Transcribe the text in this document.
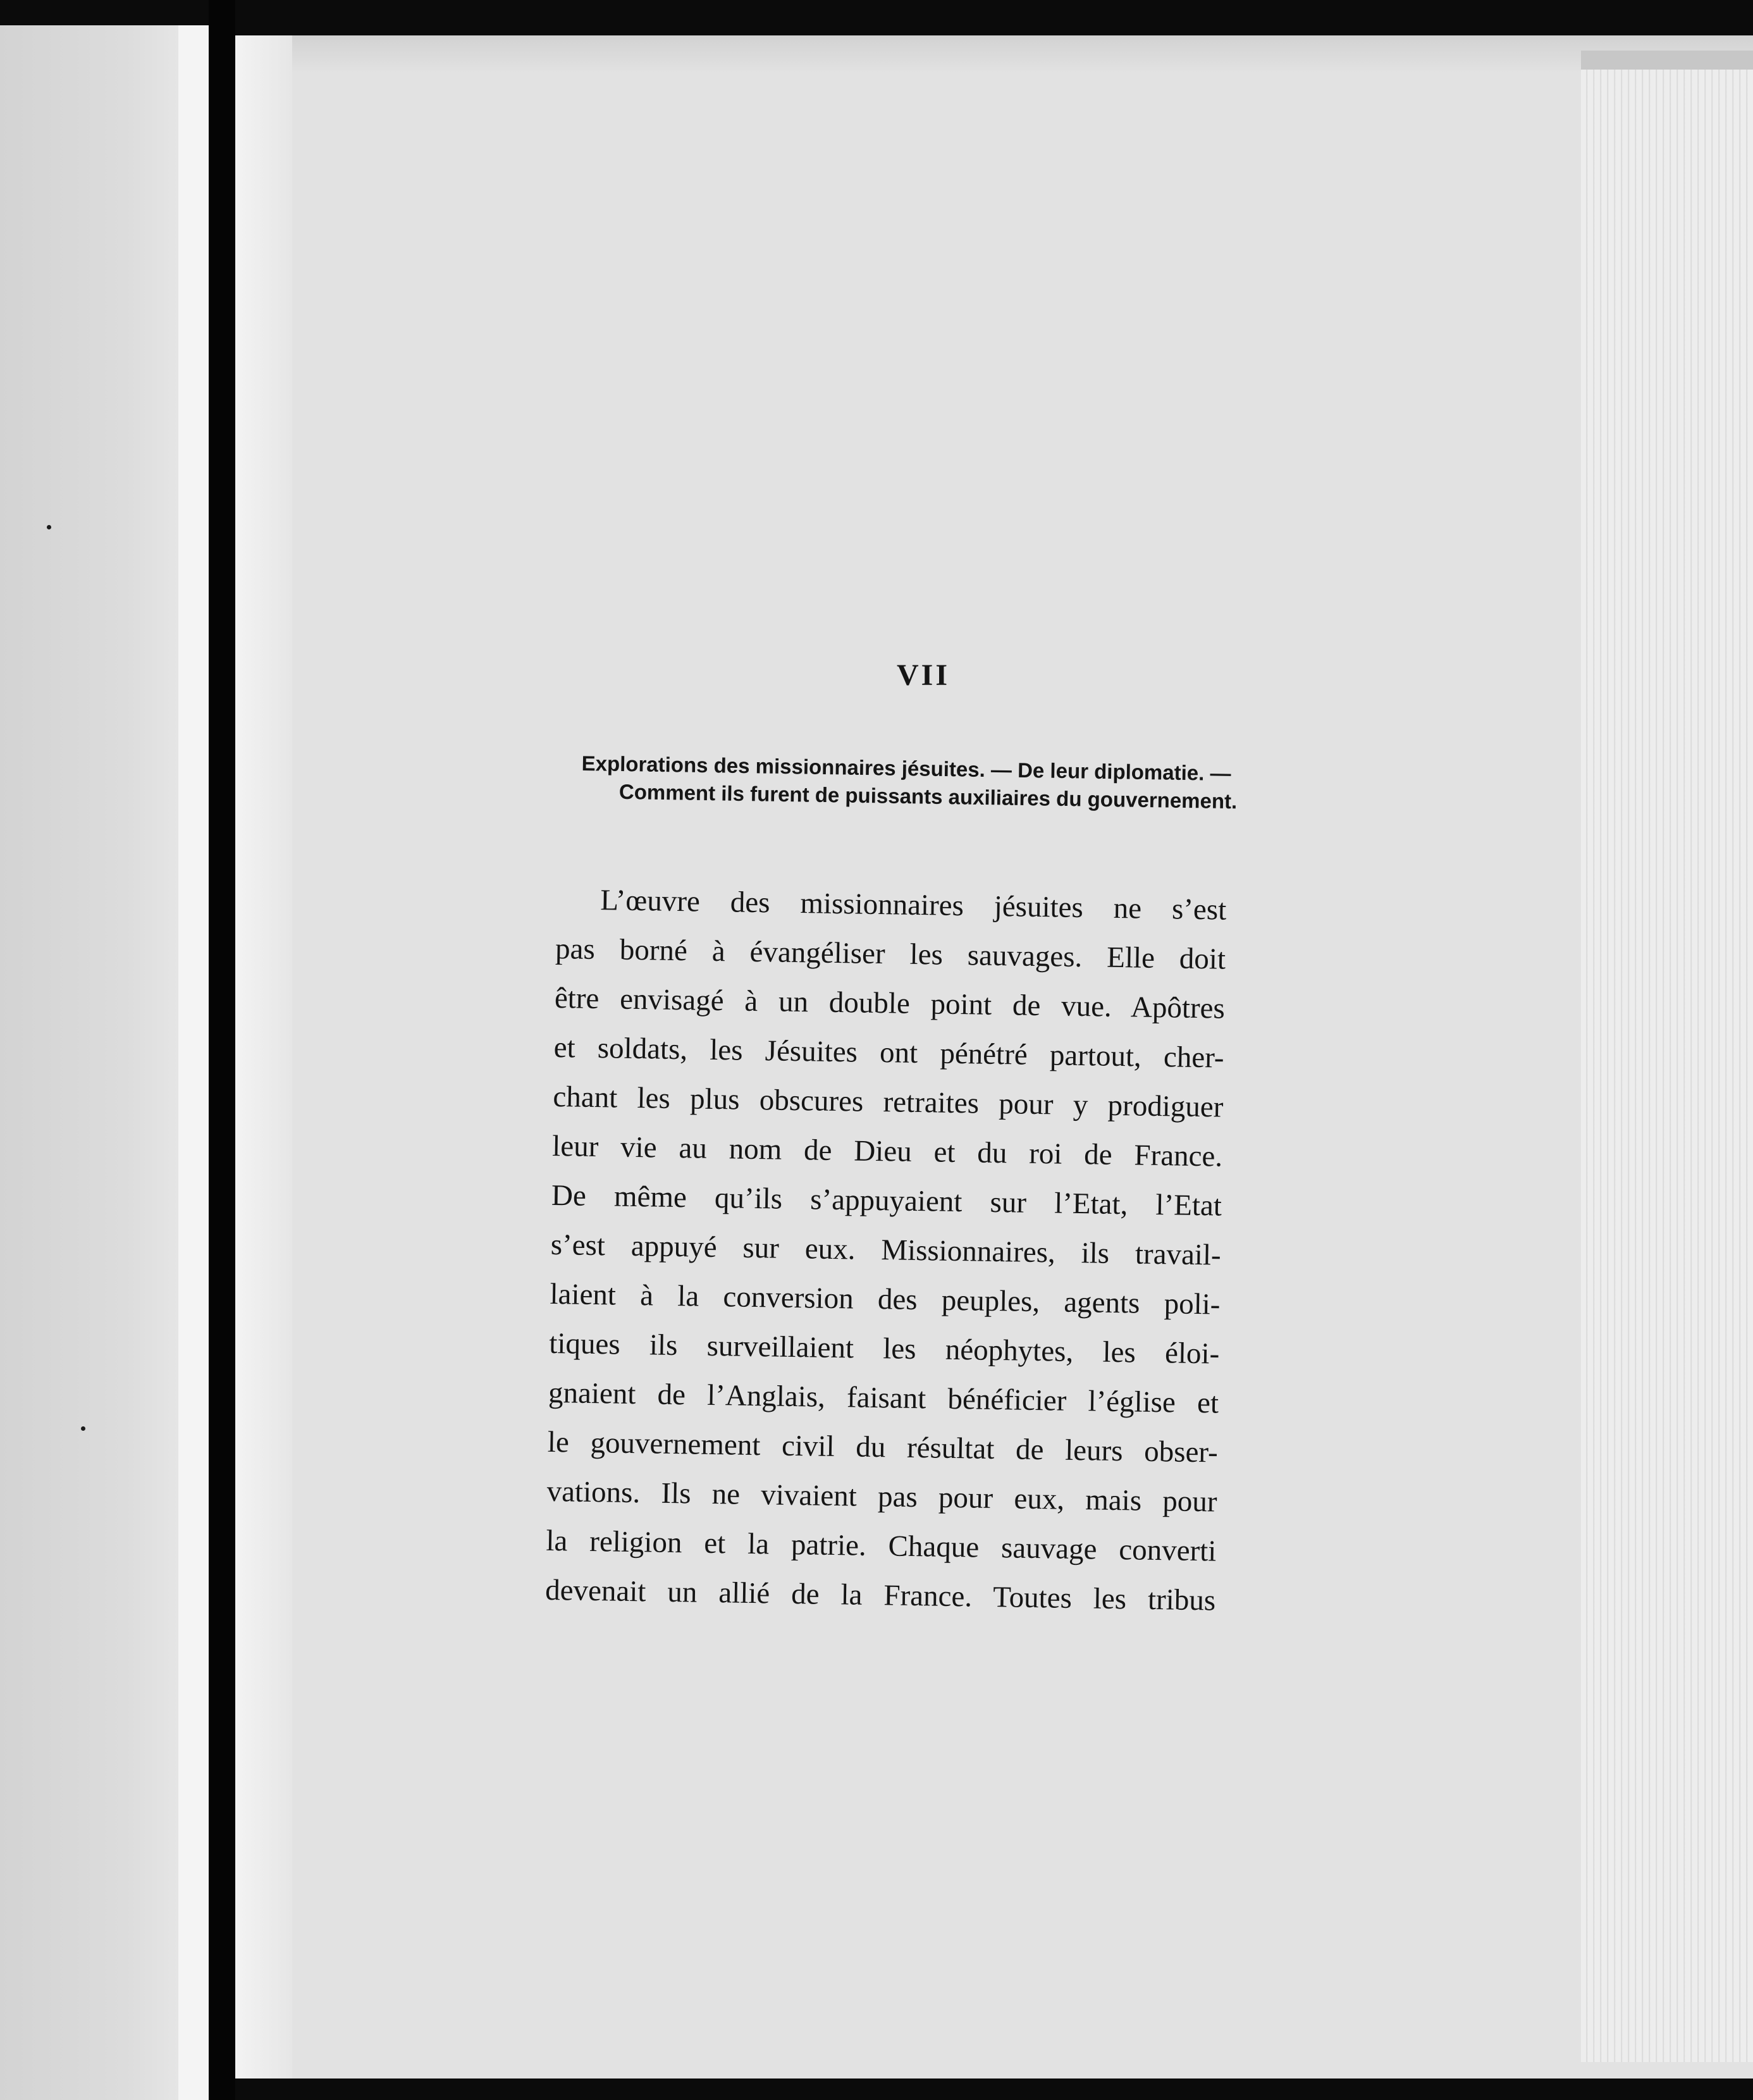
VII
Explorations des missionnaires jésuites. — De leur diplomatie. — Comment ils furent de puissants auxiliaires du gouvernement.
L’œuvre des missionnaires jésuites ne s’est
pas borné à évangéliser les sauvages. Elle doit
être envisagé à un double point de vue. Apôtres
et soldats, les Jésuites ont pénétré partout, cher-
chant les plus obscures retraites pour y prodiguer
leur vie au nom de Dieu et du roi de France.
De même qu’ils s’appuyaient sur l’Etat, l’Etat
s’est appuyé sur eux. Missionnaires, ils travail-
laient à la conversion des peuples, agents poli-
tiques ils surveillaient les néophytes, les éloi-
gnaient de l’Anglais, faisant bénéficier l’église et
le gouvernement civil du résultat de leurs obser-
vations. Ils ne vivaient pas pour eux, mais pour
la religion et la patrie. Chaque sauvage converti
devenait un allié de la France. Toutes les tribus
